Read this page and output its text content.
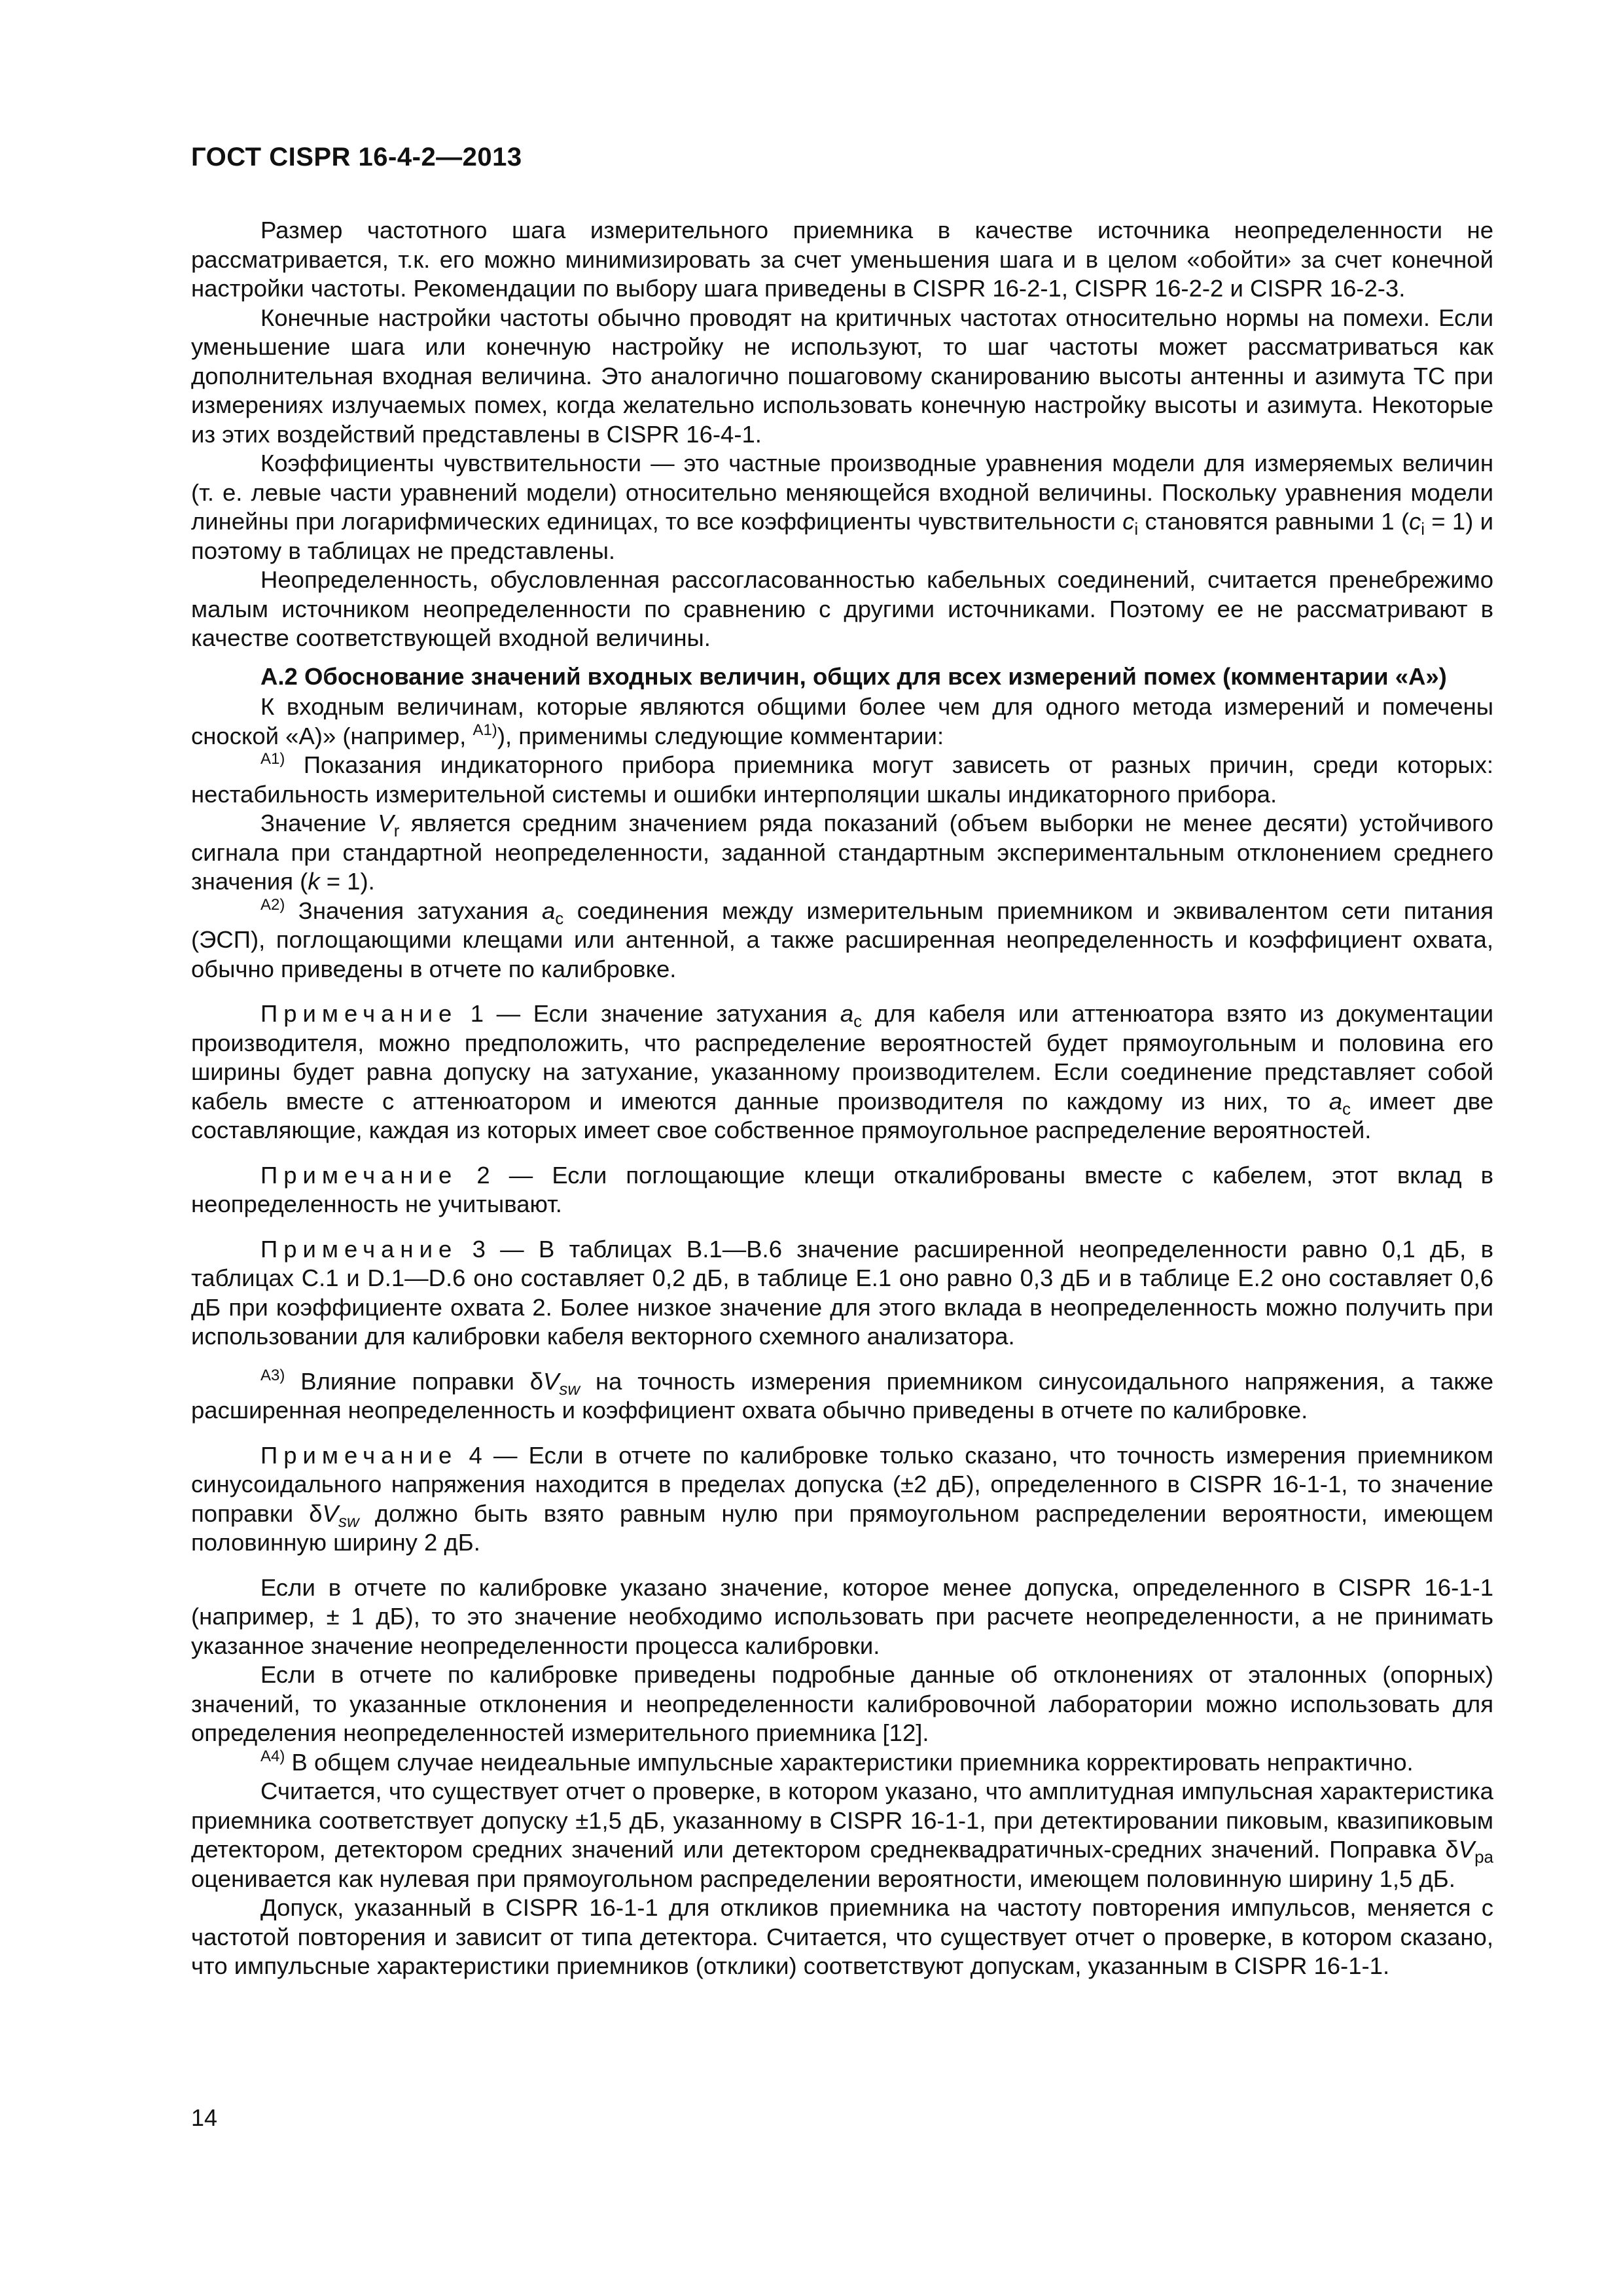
ГОСТ CISPR 16-4-2—2013

Размер частотного шага измерительного приемника в качестве источника неопределенности не рассматривается, т.к. его можно минимизировать за счет уменьшения шага и в целом «обойти» за счет конечной настройки частоты. Рекомендации по выбору шага приведены в CISPR 16-2-1, CISPR 16-2-2 и CISPR 16-2-3.

Конечные настройки частоты обычно проводят на критичных частотах относительно нормы на помехи. Если уменьшение шага или конечную настройку не используют, то шаг частоты может рассматриваться как дополнительная входная величина. Это аналогично пошаговому сканированию высоты антенны и азимута ТС при измерениях излучаемых помех, когда желательно использовать конечную настройку высоты и азимута. Некоторые из этих воздействий представлены в CISPR 16-4-1.

Коэффициенты чувствительности — это частные производные уравнения модели для измеряемых величин (т. е. левые части уравнений модели) относительно меняющейся входной величины. Поскольку уравнения модели линейны при логарифмических единицах, то все коэффициенты чувствительности $c_i$ становятся равными 1 $(c_i = 1)$ и поэтому в таблицах не представлены.

Неопределенность, обусловленная рассогласованностью кабельных соединений, считается пренебрежимо малым источником неопределенности по сравнению с другими источниками. Поэтому ее не рассматривают в качестве соответствующей входной величины.

А.2 Обоснование значений входных величин, общих для всех измерений помех (комментарии «А»)

К входным величинам, которые являются общими более чем для одного метода измерений и помечены сноской «А)» (например, $^{А1)}$), применимы следующие комментарии:

$^{А1)}$ Показания индикаторного прибора приемника могут зависеть от разных причин, среди которых: нестабильность измерительной системы и ошибки интерполяции шкалы индикаторного прибора.

Значение $V_r$ является средним значением ряда показаний (объем выборки не менее десяти) устойчивого сигнала при стандартной неопределенности, заданной стандартным экспериментальным отклонением среднего значения (k = 1).

$^{А2)}$ Значения затухания $a_c$ соединения между измерительным приемником и эквивалентом сети питания (ЭСП), поглощающими клещами или антенной, а также расширенная неопределенность и коэффициент охвата, обычно приведены в отчете по калибровке.

Примечание 1 — Если значение затухания $a_c$ для кабеля или аттенюатора взято из документации производителя, можно предположить, что распределение вероятностей будет прямоугольным и половина его ширины будет равна допуску на затухание, указанному производителем. Если соединение представляет собой кабель вместе с аттенюатором и имеются данные производителя по каждому из них, то $a_c$ имеет две составляющие, каждая из которых имеет свое собственное прямоугольное распределение вероятностей.

Примечание 2 — Если поглощающие клещи откалиброваны вместе с кабелем, этот вклад в неопределенность не учитывают.

Примечание 3 — В таблицах В.1—В.6 значение расширенной неопределенности равно 0,1 дБ, в таблицах С.1 и D.1—D.6 оно составляет 0,2 дБ, в таблице Е.1 оно равно 0,3 дБ и в таблице Е.2 оно составляет 0,6 дБ при коэффициенте охвата 2. Более низкое значение для этого вклада в неопределенность можно получить при использовании для калибровки кабеля векторного схемного анализатора.

$^{А3)}$ Влияние поправки $\delta V_{sw}$ на точность измерения приемником синусоидального напряжения, а также расширенная неопределенность и коэффициент охвата обычно приведены в отчете по калибровке.

Примечание 4 — Если в отчете по калибровке только сказано, что точность измерения приемником синусоидального напряжения находится в пределах допуска (±2 дБ), определенного в CISPR 16-1-1, то значение поправки $\delta V_{sw}$ должно быть взято равным нулю при прямоугольном распределении вероятности, имеющем половинную ширину 2 дБ.

Если в отчете по калибровке указано значение, которое менее допуска, определенного в CISPR 16-1-1 (например, ± 1 дБ), то это значение необходимо использовать при расчете неопределенности, а не принимать указанное значение неопределенности процесса калибровки.

Если в отчете по калибровке приведены подробные данные об отклонениях от эталонных (опорных) значений, то указанные отклонения и неопределенности калибровочной лаборатории можно использовать для определения неопределенностей измерительного приемника [12].

$^{А4)}$ В общем случае неидеальные импульсные характеристики приемника корректировать непрактично.

Считается, что существует отчет о проверке, в котором указано, что амплитудная импульсная характеристика приемника соответствует допуску ±1,5 дБ, указанному в CISPR 16-1-1, при детектировании пиковым, квазипиковым детектором, детектором средних значений или детектором среднеквадратичных-средних значений. Поправка $\delta V_{pa}$ оценивается как нулевая при прямоугольном распределении вероятности, имеющем половинную ширину 1,5 дБ.

Допуск, указанный в CISPR 16-1-1 для откликов приемника на частоту повторения импульсов, меняется с частотой повторения и зависит от типа детектора. Считается, что существует отчет о проверке, в котором сказано, что импульсные характеристики приемников (отклики) соответствуют допускам, указанным в CISPR 16-1-1.

14
